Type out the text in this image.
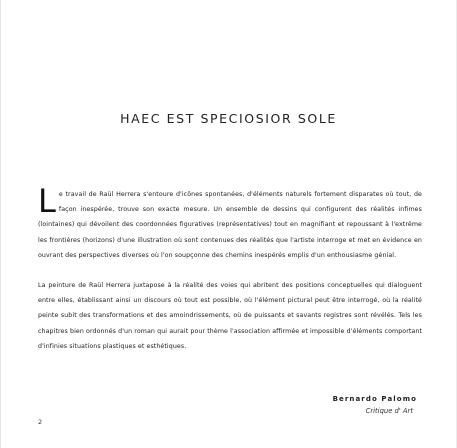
HAEC EST SPECIOSIOR SOLE

Le travail de Raül Herrera s'entoure d'icônes spontanées, d'éléments naturels fortement disparates où tout, de façon inespérée, trouve son exacte mesure. Un ensemble de dessins qui configurent des réalités infimes (lointaines) qui dévoilent des coordonnées figuratives (représentatives) tout en magnifiant et repoussant à l'extrême les frontières (horizons) d'une illustration où sont contenues des réalités que l'artiste interroge et met en évidence en ouvrant des perspectives diverses où l'on soupçonne des chemins inespérés emplis d'un enthousiasme génial.

La peinture de Raül Herrera juxtapose à la réalité des voies qui abritent des positions conceptuelles qui dialoguent entre elles, établissant ainsi un discours où tout est possible, où l'élément pictural peut être interrogé, où la réalité peinte subit des transformations et des amoindrissements, où de puissants et savants registres sont révélés. Tels les chapitres bien ordonnés d'un roman qui aurait pour thème l'association affirmée et impossible d'éléments comportant d'infinies situations plastiques et esthétiques.

Bernardo Palomo
Critique d' Art
2
